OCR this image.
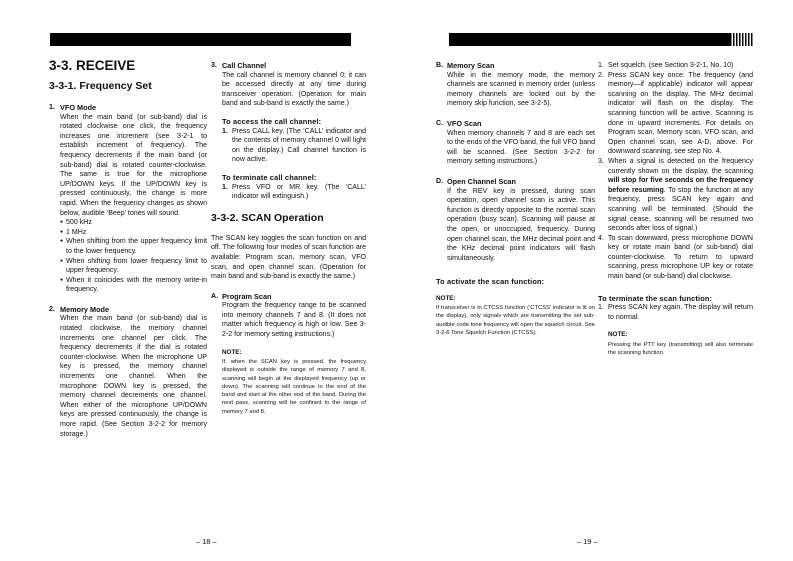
3-3. RECEIVE
3-3-1. Frequency Set
1. VFO Mode
When the main band (or sub-band) dial is rotated clockwise one click, the frequency increases one increment (see 3-2-1 to establish increment of frequency). The frequency decrements if the main band (or sub-band) dial is rotated counter-clockwise. The same is true for the microphone UP/DOWN keys. If the UP/DOWN key is pressed continuously, the change is more rapid. When the frequency changes as shown below, audible ‘Beep’ tones will sound.
● 500 kHz
● 1 MHz
● When shifting from the upper frequency limit to the lower frequency.
● When shifting from lower frequency limit to upper frequency.
● When it coincides with the memory write-in frequency.
2. Memory Mode
When the main band (or sub-band) dial is rotated clockwise, the memory channel increments one channel per click. The frequency decrements if the dial is rotated counter-clockwise. When the microphone UP key is pressed, the memory channel increments one channel. When the microphone DOWN key is pressed, the memory channel decrements one channel. When either of the microphone UP/DOWN keys are pressed continuously, the change is more rapid. (See Section 3-2-2 for memory storage.)
3. Call Channel
The call channel is memory channel 0; it can be accessed directly at any time during transceiver operation. (Operation for main band and sub-band is exactly the same.)
To access the call channel:
1. Press CALL key. (The ‘CALL’ indicator and the contents of memory channel 0 will light on the display.) Call channel function is now active.
To terminate call channel:
1. Press VFO or MR key. (The ‘CALL’ indicator will extinguish.)
3-3-2. SCAN Operation
The SCAN key toggles the scan function on and off. The following four modes of scan function are available: Program scan, memory scan, VFO scan, and open channel scan. (Operation for main band and sub-band is exactly the same.)
A. Program Scan
Program the frequency range to be scanned into memory channels 7 and 8. (It does not matter which frequency is high or low. See 3-2-2 for memory setting instructions.)
NOTE:
If, when the SCAN key is pressed, the frequency displayed is outside the range of memory 7 and 8, scanning will begin at the displayed frequency (up or down). The scanning will continue to the end of the band and start at the other end of the band. During the next pass, scanning will be confined to the range of memory 7 and 8.
B. Memory Scan
While in the memory mode, the memory channels are scanned in memory order (unless memory channels are locked out by the memory skip function, see 3-2-5).
C. VFO Scan
When memory channels 7 and 8 are each set to the ends of the VFO band, the full VFO band will be scanned. (See Section 3-2-2 for memory setting instructions.)
D. Open Channel Scan
If the REV key is pressed, during scan operation, open channel scan is active. This function is directly opposite to the normal scan operation (busy scan). Scanning will pause at the open, or unoccupied, frequency. During open channel scan, the MHz decimal point and the KHz decimal point indicators will flash simultaneously.
To activate the scan function:
NOTE:
If transceiver is in CTCSS function (‘CTCSS’ indicator is lit on the display), only signals which are transmitting the set sub-audible code tone frequency will open the squelch circuit. See 3-2-6 Tone Squelch Function (CTCSS).
1. Set squelch. (see Section 3-2-1, No. 10)
2. Press SCAN key once. The frequency (and memory—if applicable) indicator will appear scanning on the display. The MHz decimal indicator will flash on the display. The scanning function will be active. Scanning is done in upward increments. For details on Program scan, Memory scan, VFO scan, and Open channel scan, see A-D, above. For downward scanning, see step No. 4.
3. When a signal is detected on the frequency currently shown on the display, the scanning will stop for five seconds on the frequency before resuming. To stop the function at any frequency, press SCAN key again and scanning will be terminated. (Should the signal cease, scanning will be resumed two seconds after loss of signal.)
4. To scan downward, press microphone DOWN key or rotate main band (or sub-band) dial counter-clockwise. To return to upward scanning, press microphone UP key or rotate main band (or sub-band) dial clockwise.
To terminate the scan function:
1. Press SCAN key again. The display will return to normal.
NOTE:
Pressing the PTT key (transmitting) will also terminate the scanning function.
– 18 –	– 19 –
